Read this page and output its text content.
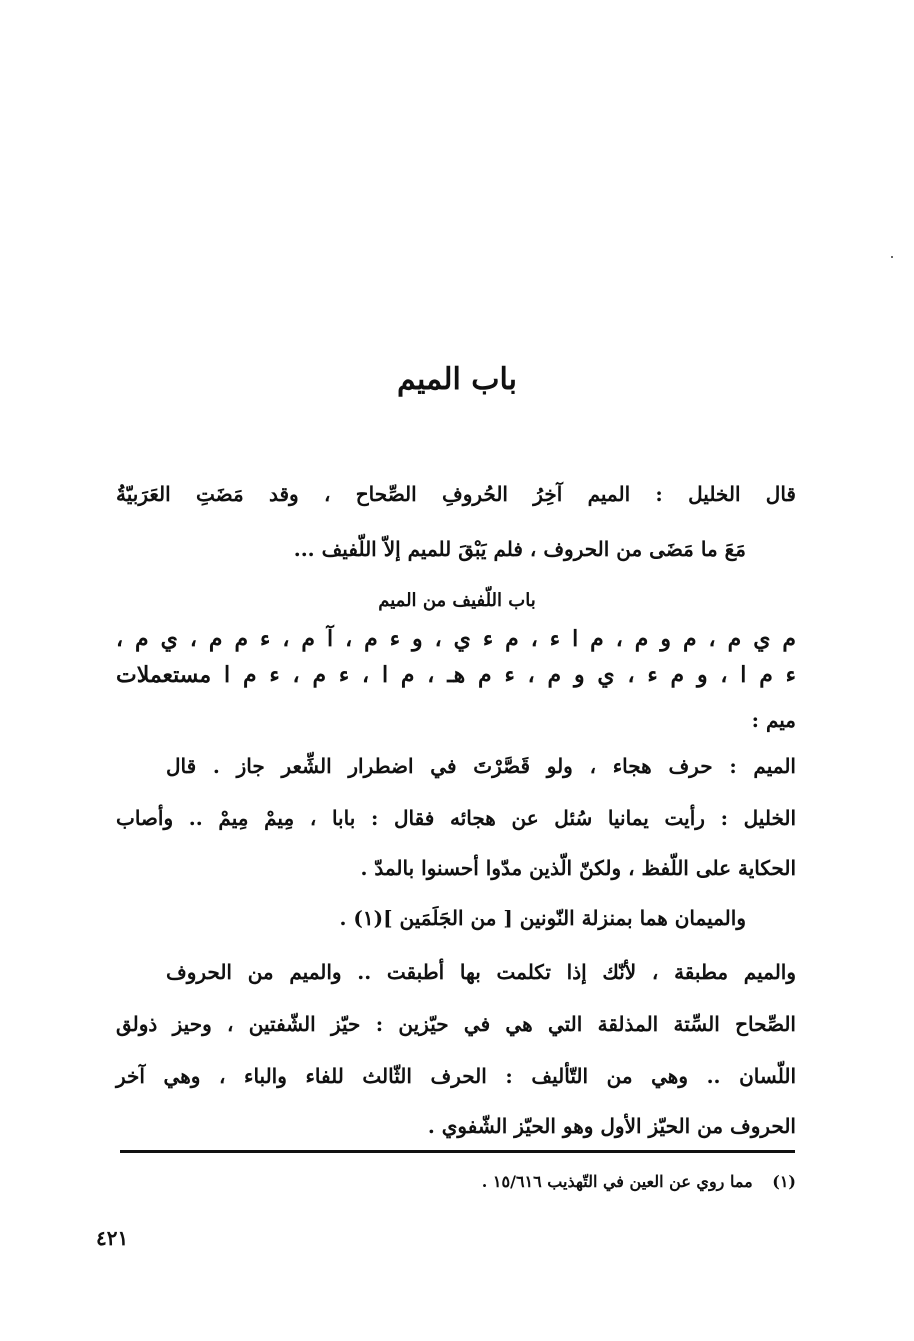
باب الميم
قال الخليل : الميم آخِرُ الحُروفِ الصِّحاح ، وقد مَضَتِ العَرَبيّةُ
مَعَ ما مَضَى من الحروف ، فلم يَبْقَ للميم إلاّ اللّفيف ...
باب اللّفيف من الميم
م ي م ، م و م ، م ا ء ، م ء ي ، و ء م ، آ م ، ء م م ، ي م ،
ء م ا ، و م ء ، ي و م ، ء م هـ ، م ا ، ء م ، ء م ا مستعملات
ميم :
الميم : حرف هجاء ، ولو قَصَّرْتَ في اضطرار الشِّعر جاز . قال
الخليل : رأيت يمانيا سُئل عن هجائه فقال : بابا ، مِيمْ مِيمْ .. وأصاب
الحكاية على اللّفظ ، ولكنّ الّذين مدّوا أحسنوا بالمدّ .
والميمان هما بمنزلة النّونين [ من الجَلَمَين ](١) .
والميم مطبقة ، لأنّك إذا تكلمت بها أطبقت .. والميم من الحروف
الصِّحاح السِّتة المذلقة التي هي في حيّزين : حيّز الشّفتين ، وحيز ذولق
اللّسان .. وهي من التّأليف : الحرف الثّالث للفاء والباء ، وهي آخر
الحروف من الحيّز الأول وهو الحيّز الشّفوي .
(١) مما روي عن العين في التّهذيب ١٥/٦١٦ .
٤٢١
